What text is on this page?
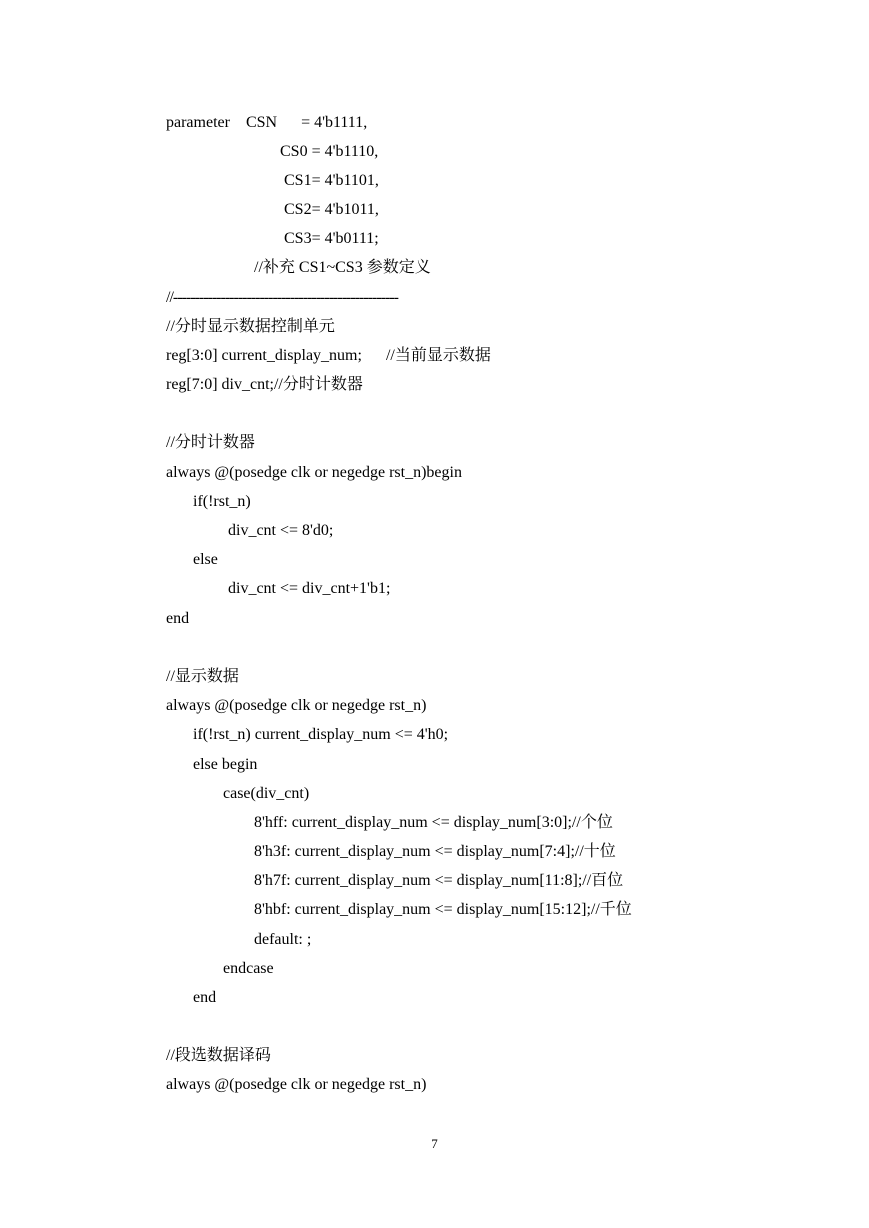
parameter    CSN      = 4'b1111,
CS0 = 4'b1110,
CS1= 4'b1101,
CS2= 4'b1011,
CS3= 4'b0111;
//补充 CS1~CS3 参数定义
//----------------------------------------------------
//分时显示数据控制单元
reg[3:0] current_display_num;      //当前显示数据
reg[7:0] div_cnt;//分时计数器
//分时计数器
always @(posedge clk or negedge rst_n)begin
if(!rst_n)
div_cnt <= 8'd0;
else
div_cnt <= div_cnt+1'b1;
end
//显示数据
always @(posedge clk or negedge rst_n)
if(!rst_n) current_display_num <= 4'h0;
else begin
case(div_cnt)
8'hff: current_display_num <= display_num[3:0];//个位
8'h3f: current_display_num <= display_num[7:4];//十位
8'h7f: current_display_num <= display_num[11:8];//百位
8'hbf: current_display_num <= display_num[15:12];//千位
default: ;
endcase
end
//段选数据译码
always @(posedge clk or negedge rst_n)
7
